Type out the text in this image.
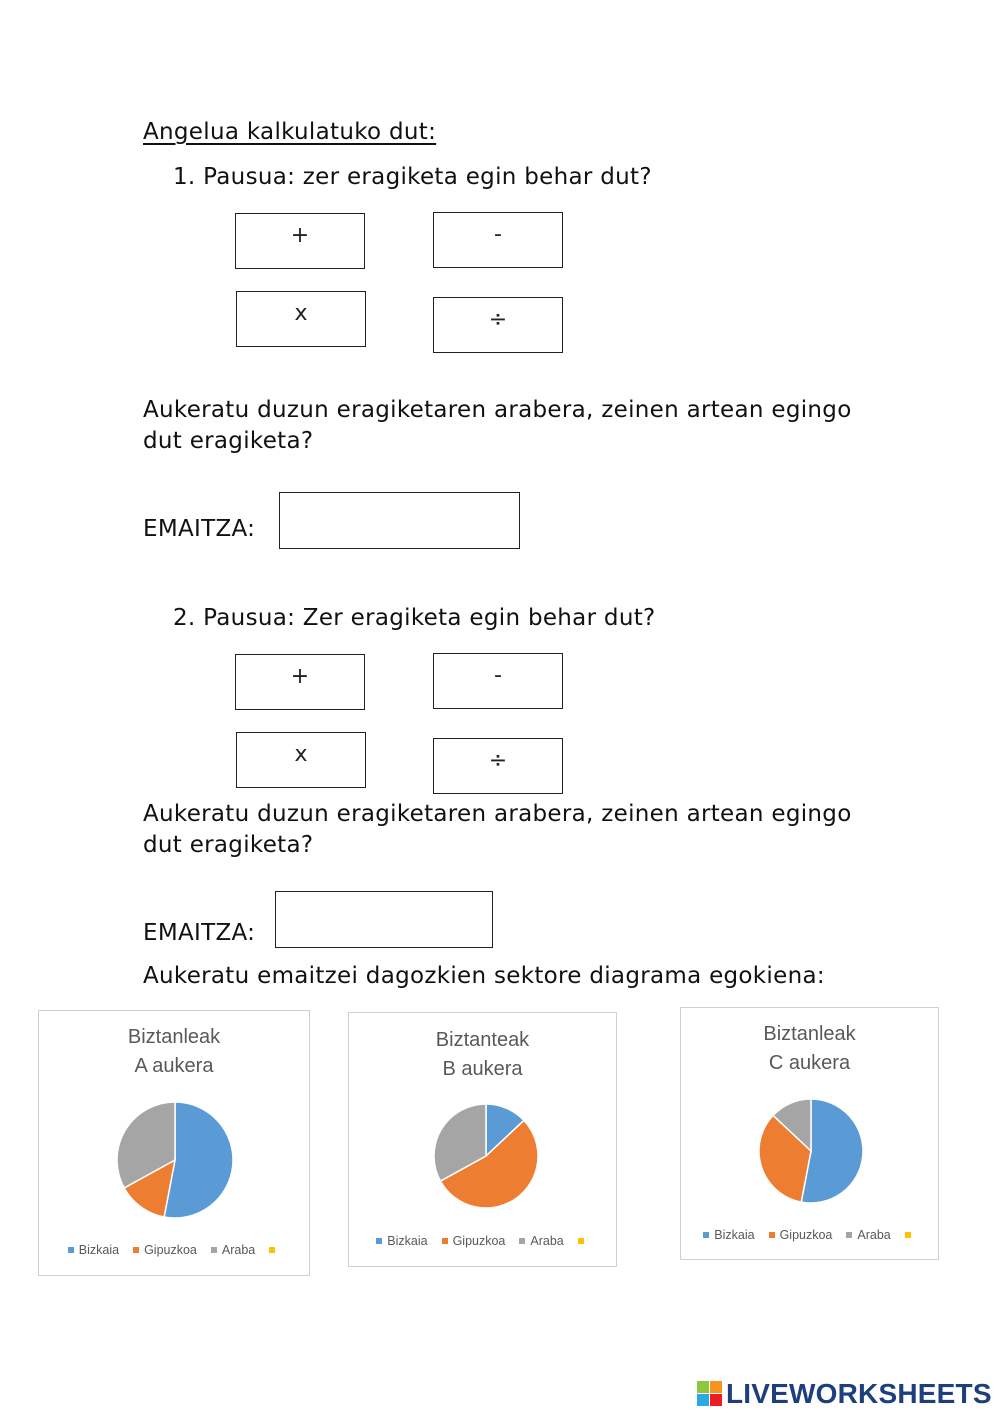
Angelua kalkulatuko dut:
1. Pausua: zer eragiketa egin behar dut?
+	-
x	÷
Aukeratu duzun eragiketaren arabera, zeinen artean egingo
dut eragiketa?
EMAITZA:
2. Pausua: Zer eragiketa egin behar dut?
+	-
x	÷
Aukeratu duzun eragiketaren arabera, zeinen artean egingo
dut eragiketa?
EMAITZA:
Aukeratu emaitzei dagozkien sektore diagrama egokiena:
Biztanleak
A aukera
Bizkaia Gipuzkoa Araba
Biztanteak
B aukera
Bizkaia Gipuzkoa Araba
Biztanleak
C aukera
Bizkaia Gipuzkoa Araba
LIVEWORKSHEETS
